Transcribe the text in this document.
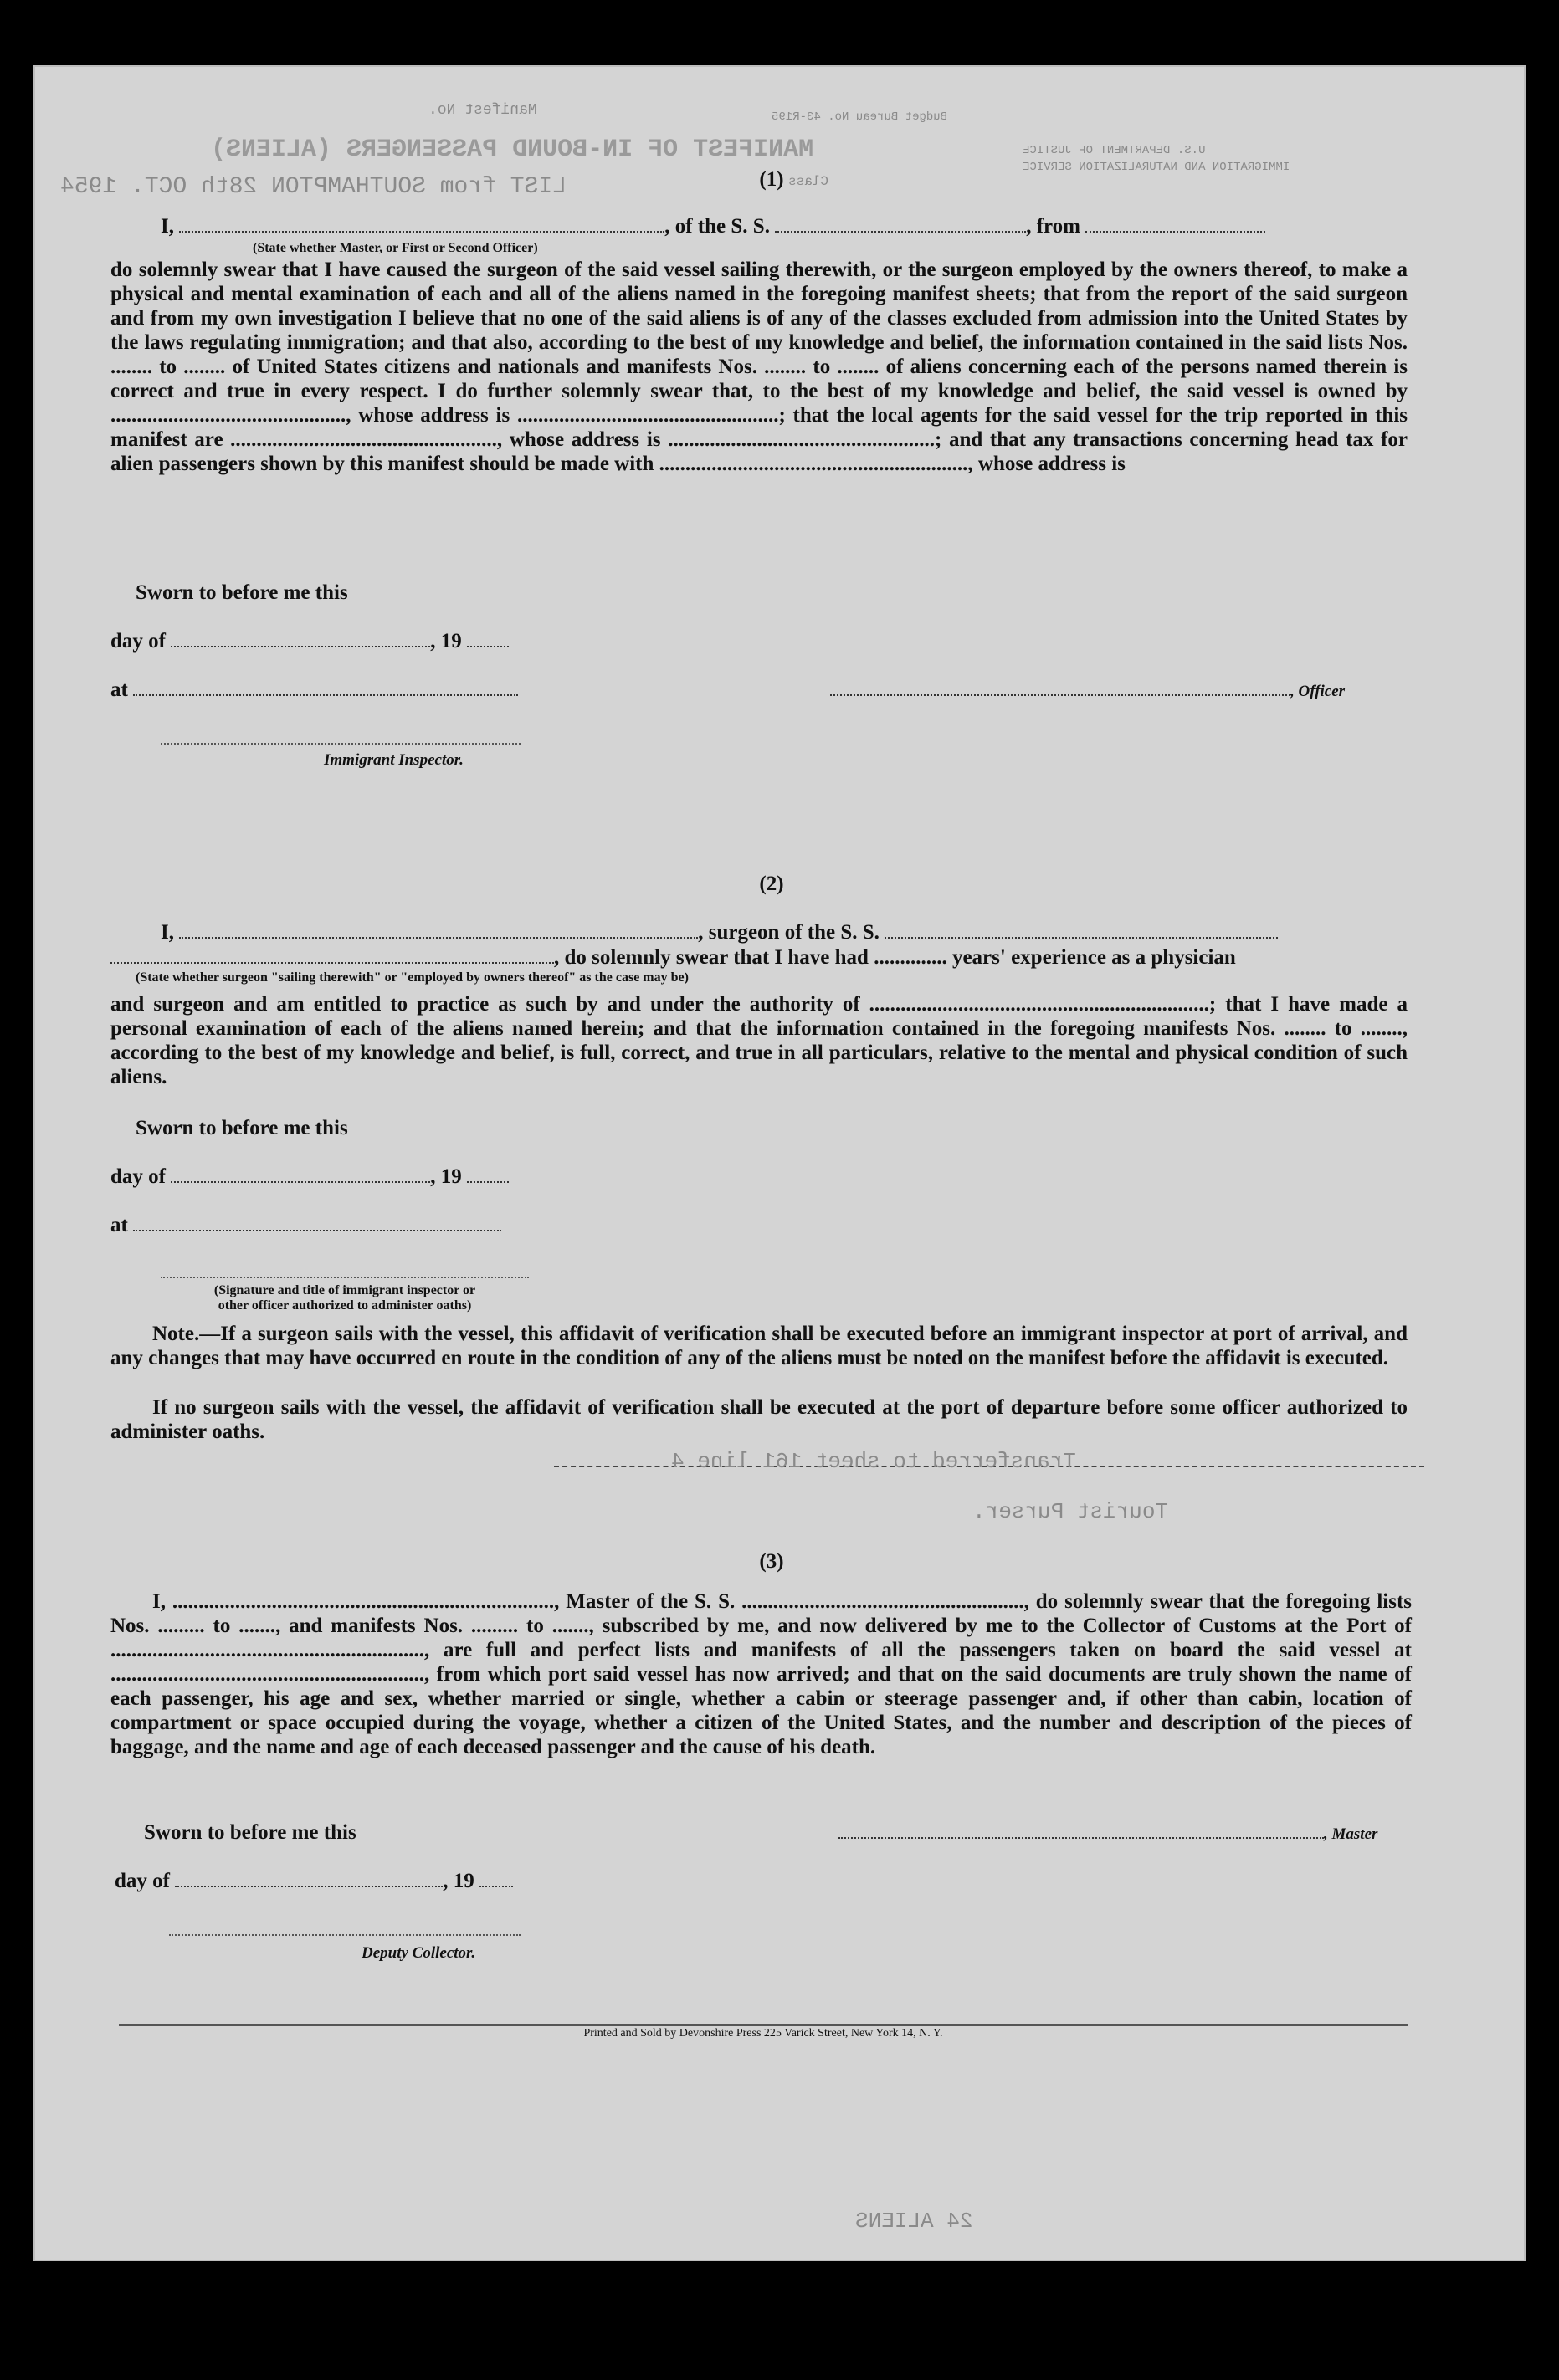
MANIFEST OF IN-BOUND PASSENGERS (ALIENS)
Manifest No.
LIST from SOUTHAMPTON 28th OCT. 1954
U.S. DEPARTMENT OF JUSTICE
IMMIGRATION AND NATURALIZATION SERVICE
Budget Bureau No. 43-R195
Class
(1)
I,	, of the S. S.	, from
(State whether Master, or First or Second Officer)
do solemnly swear that I have caused the surgeon of the said vessel sailing therewith, or the surgeon employed by the owners thereof, to make a physical and mental examination of each and all of the aliens named in the foregoing manifest sheets; that from the report of the said surgeon and from my own investigation I believe that no one of the said aliens is of any of the classes excluded from admission into the United States by the laws regulating immigration; and that also, according to the best of my knowledge and belief, the information contained in the said lists Nos. ........ to ........ of United States citizens and nationals and manifests Nos. ........ to ........ of aliens concerning each of the persons named therein is correct and true in every respect. I do further solemnly swear that, to the best of my knowledge and belief, the said vessel is owned by ............................................., whose address is ..................................................; that the local agents for the said vessel for the trip reported in this manifest are ..................................................., whose address is ...................................................; and that any transactions concerning head tax for alien passengers shown by this manifest should be made with ..........................................................., whose address is
Sworn to before me this
day of	, 19
at	, Officer
Immigrant Inspector.
(2)
I,	, surgeon of the S. S.
, do solemnly swear that I have had .............. years' experience as a physician
(State whether surgeon "sailing therewith" or "employed by owners thereof" as the case may be)
and surgeon and am entitled to practice as such by and under the authority of .................................................................; that I have made a personal examination of each of the aliens named herein; and that the information contained in the foregoing manifests Nos. ........ to ........, according to the best of my knowledge and belief, is full, correct, and true in all particulars, relative to the mental and physical condition of such aliens.
Sworn to before me this
day of	, 19
at
(Signature and title of immigrant inspector or
other officer authorized to administer oaths)
Note.—If a surgeon sails with the vessel, this affidavit of verification shall be executed before an immigrant inspector at port of arrival, and any changes that may have occurred en route in the condition of any of the aliens must be noted on the manifest before the affidavit is executed.
If no surgeon sails with the vessel, the affidavit of verification shall be executed at the port of departure before some officer authorized to administer oaths.
Transferred to sheet 161 line 4
Tourist Purser.
(3)
I, ........................................................................., Master of the S. S. ......................................................, do solemnly swear that the foregoing lists Nos. ......... to ......., and manifests Nos. ......... to ......., subscribed by me, and now delivered by me to the Collector of Customs at the Port of ............................................................, are full and perfect lists and manifests of all the passengers taken on board the said vessel at ............................................................, from which port said vessel has now arrived; and that on the said documents are truly shown the name of each passenger, his age and sex, whether married or single, whether a cabin or steerage passenger and, if other than cabin, location of compartment or space occupied during the voyage, whether a citizen of the United States, and the number and description of the pieces of baggage, and the name and age of each deceased passenger and the cause of his death.
Sworn to before me this	, Master
day of	, 19
Deputy Collector.
Printed and Sold by Devonshire Press 225 Varick Street, New York 14, N. Y.
24 ALIENS
